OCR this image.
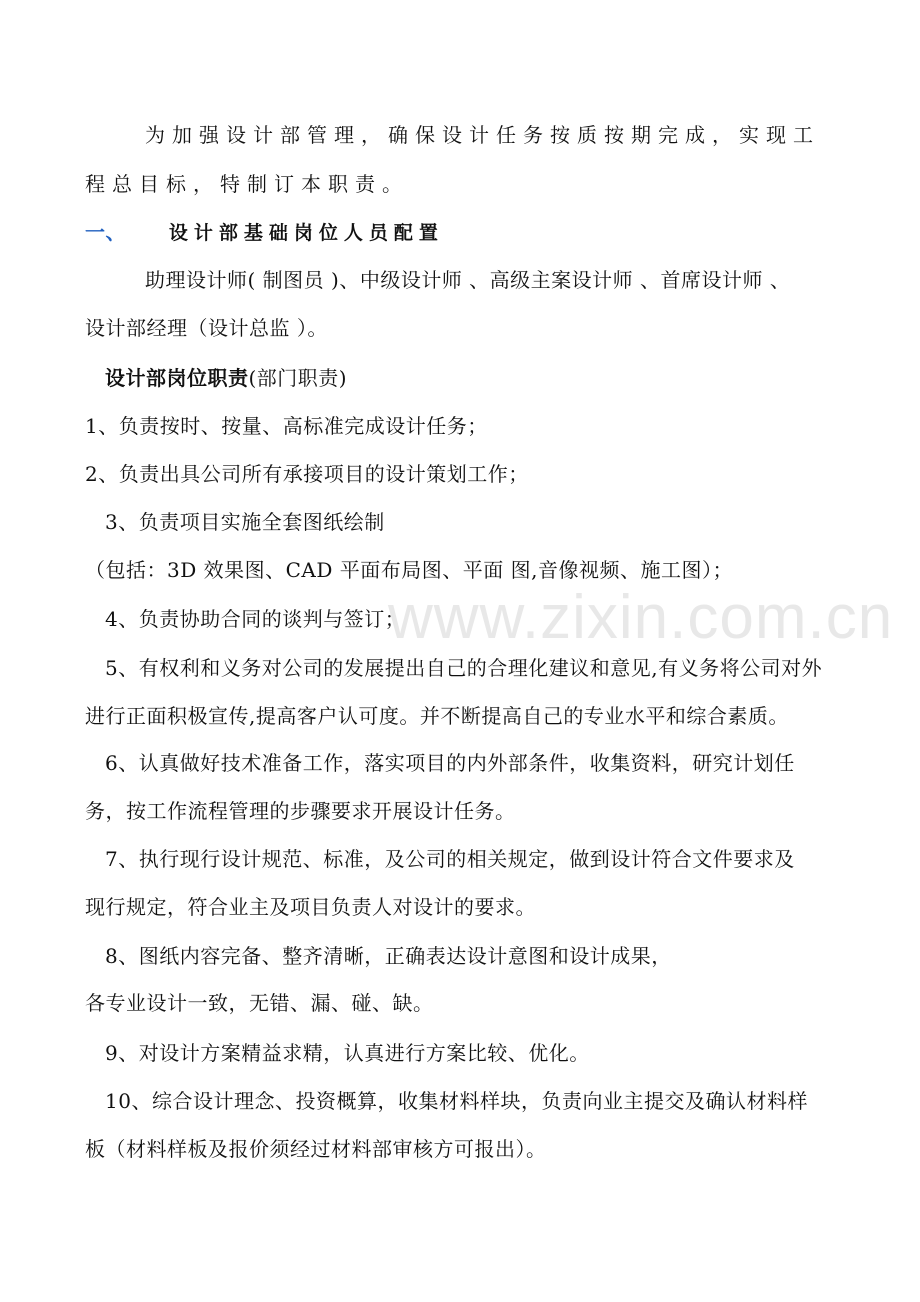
www.zixin.com.cn
为加强设计部管理，确保设计任务按质按期完成，实现工
程总目标，特制订本职责。
一、 设计部基础岗位人员配置
助理设计师( 制图员 )、中级设计师 、高级主案设计师 、首席设计师 、
设计部经理（设计总监 ）。
设计部岗位职责(部门职责)
1、负责按时、按量、高标准完成设计任务；
2、负责出具公司所有承接项目的设计策划工作；
3、负责项目实施全套图纸绘制
（包括：3D 效果图、CAD 平面布局图、平面 图,音像视频、施工图）；
4、负责协助合同的谈判与签订；
5、有权利和义务对公司的发展提出自己的合理化建议和意见,有义务将公司对外
进行正面积极宣传,提高客户认可度。并不断提高自己的专业水平和综合素质。
6、认真做好技术准备工作，落实项目的内外部条件，收集资料，研究计划任
务，按工作流程管理的步骤要求开展设计任务。
7、执行现行设计规范、标准，及公司的相关规定，做到设计符合文件要求及
现行规定，符合业主及项目负责人对设计的要求。
8、图纸内容完备、整齐清晰，正确表达设计意图和设计成果，
各专业设计一致，无错、漏、碰、缺。
9、对设计方案精益求精，认真进行方案比较、优化。
10、综合设计理念、投资概算，收集材料样块，负责向业主提交及确认材料样
板（材料样板及报价须经过材料部审核方可报出）。
